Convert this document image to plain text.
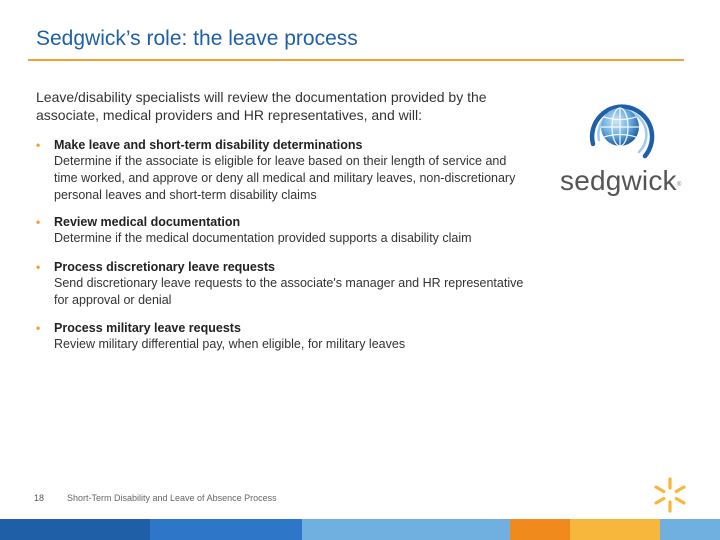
Sedgwick’s role: the leave process
Leave/disability specialists will review the documentation provided by the associate, medical providers and HR representatives, and will:
• Make leave and short-term disability determinations
Determine if the associate is eligible for leave based on their length of service and time worked, and approve or deny all medical and military leaves, non-discretionary personal leaves and short-term disability claims
• Review medical documentation
Determine if the medical documentation provided supports a disability claim
• Process discretionary leave requests
Send discretionary leave requests to the associate's manager and HR representative for approval or denial
• Process military leave requests
Review military differential pay, when eligible, for military leaves
sedgwick ®
18	Short-Term Disability and Leave of Absence Process
